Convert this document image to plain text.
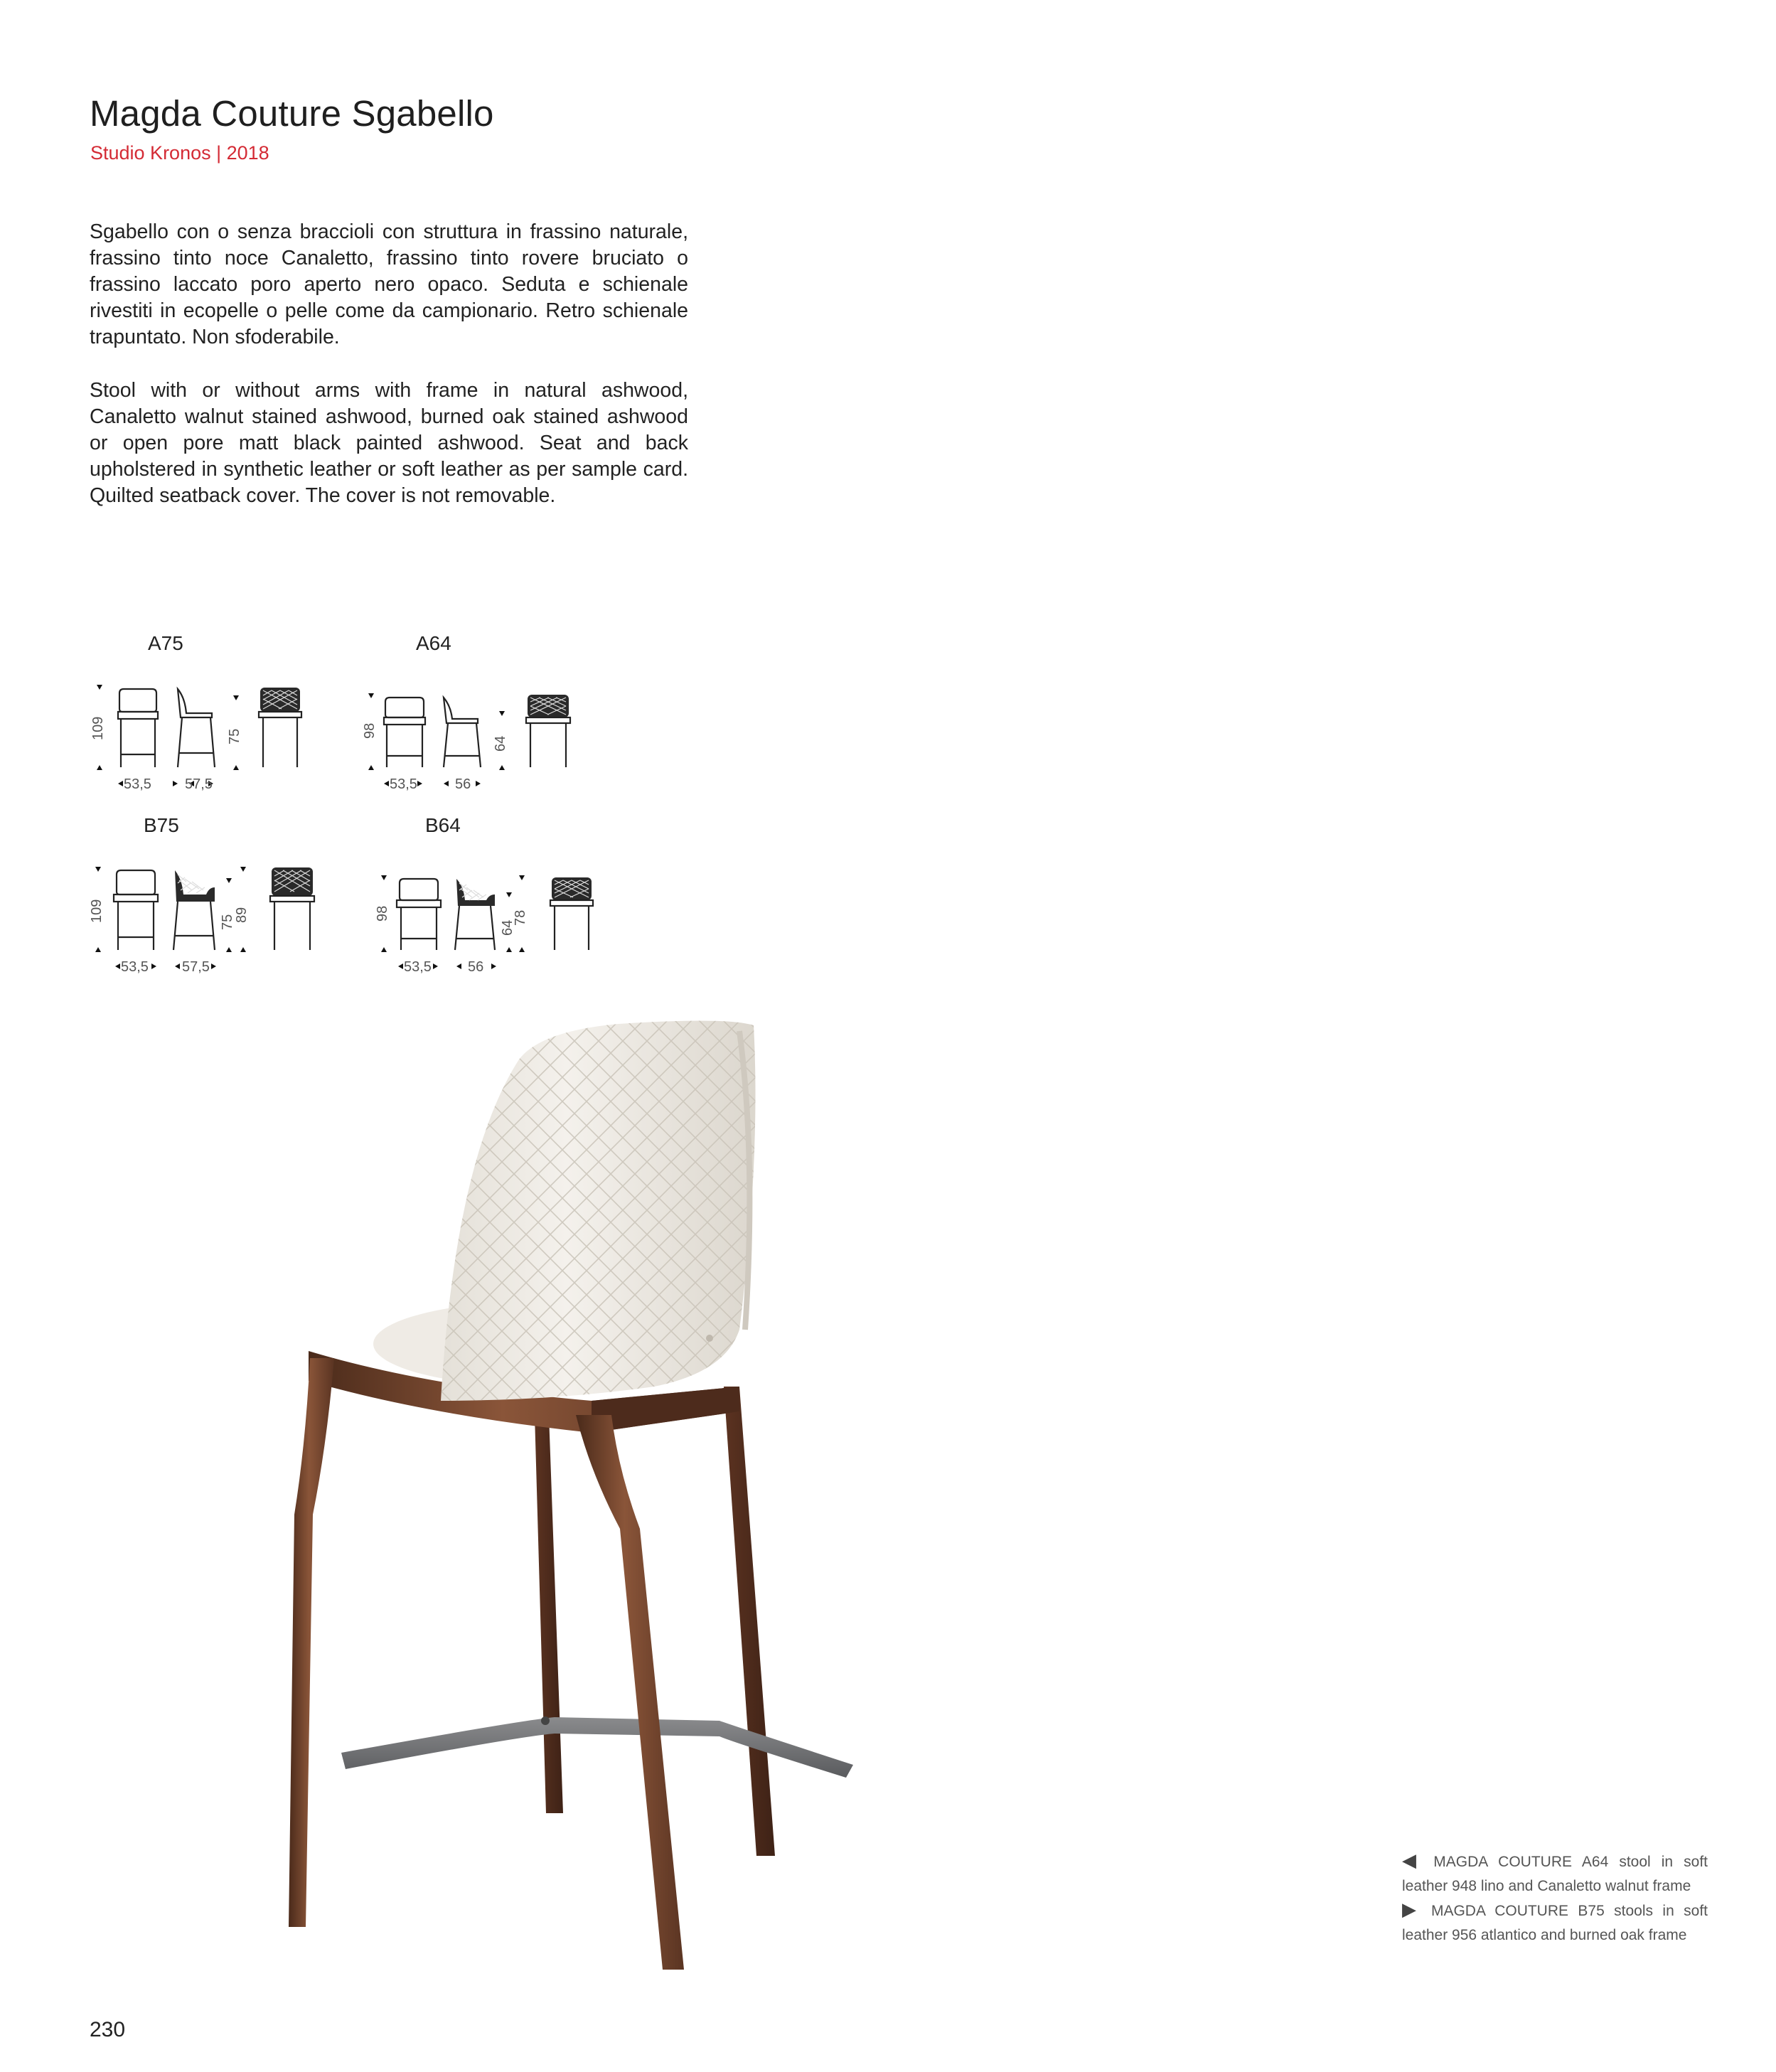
Magda Couture Sgabello
Studio Kronos | 2018

Sgabello con o senza braccioli con struttura in frassino naturale, frassino tinto noce Canaletto, frassino tinto rovere bruciato o frassino laccato poro aperto nero opaco. Seduta e schienale rivestiti in ecopelle o pelle come da campionario. Retro schienale trapuntato. Non sfoderabile.

Stool with or without arms with frame in natural ashwood, Canaletto walnut stained ashwood, burned oak stained ashwood or open pore matt black painted ashwood. Seat and back upholstered in synthetic leather or soft leather as per sample card. Quilted seatback cover. The cover is not removable.

A75
109	75
53,5 57,5
A64
98
64
53,5	56
B75
109	75
89
53,5 57,5
B64
98
64
78
53,5	56
◀ MAGDA COUTURE A64 stool in soft leather 948 lino and Canaletto walnut frame
▶ MAGDA COUTURE B75 stools in soft leather 956 atlantico and burned oak frame
230
